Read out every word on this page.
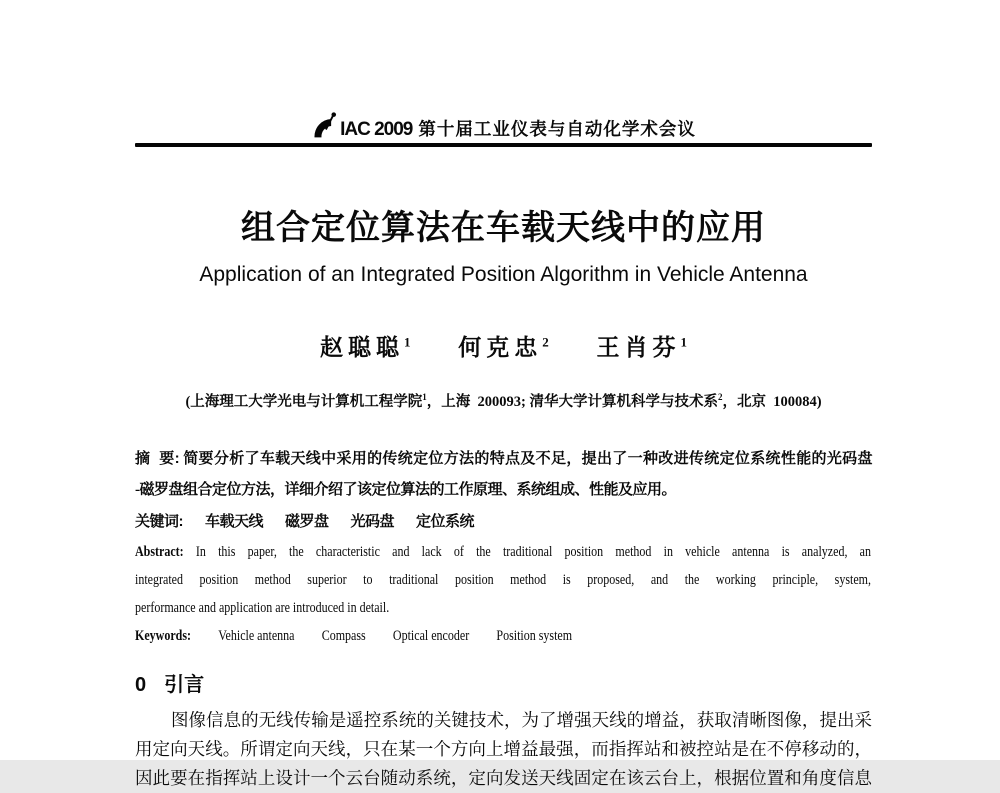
IAC 2009 第十届工业仪表与自动化学术会议
组合定位算法在车载天线中的应用
Application of an Integrated Position Algorithm in Vehicle Antenna
赵聪聪$^1$ 何克忠$^2$ 王肖芬$^1$
(上海理工大学光电与计算机工程学院$^1$，上海  200093; 清华大学计算机科学与技术系$^2$，北京  100084)
摘  要: 简要分析了车载天线中采用的传统定位方法的特点及不足，提出了一种改进传统定位系统性能的光码盘
-磁罗盘组合定位方法，详细介绍了该定位算法的工作原理、系统组成、性能及应用。
关键词: 车载天线 磁罗盘 光码盘 定位系统
Abstract: In this paper, the characteristic and lack of the traditional position method in vehicle antenna is analyzed, an
integrated position method superior to traditional position method is proposed, and the working principle, system,
performance and application are introduced in detail.
Keywords: Vehicle antenna Compass Optical encoder Position system
0 引言
图像信息的无线传输是遥控系统的关键技术，为了增强天线的增益，获取清晰图像，提出采
用定向天线。所谓定向天线，只在某一个方向上增益最强，而指挥站和被控站是在不停移动的，
因此要在指挥站上设计一个云台随动系统，定向发送天线固定在该云台上，根据位置和角度信息
